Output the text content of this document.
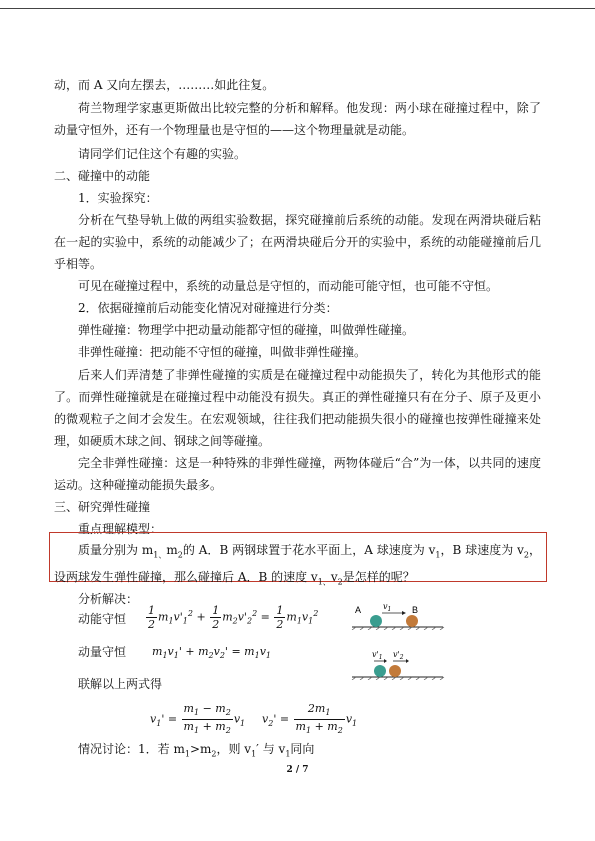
动，而 A 又向左摆去，………如此往复。

荷兰物理学家惠更斯做出比较完整的分析和解释。他发现：两小球在碰撞过程中，除了动量守恒外，还有一个物理量也是守恒的——这个物理量就是动能。

请同学们记住这个有趣的实验。

二、碰撞中的动能

1．实验探究：

分析在气垫导轨上做的两组实验数据，探究碰撞前后系统的动能。发现在两滑块碰后粘在一起的实验中，系统的动能减少了；在两滑块碰后分开的实验中，系统的动能碰撞前后几乎相等。

可见在碰撞过程中，系统的动量总是守恒的，而动能可能守恒，也可能不守恒。

2．依据碰撞前后动能变化情况对碰撞进行分类：

弹性碰撞：物理学中把动量动能都守恒的碰撞，叫做弹性碰撞。

非弹性碰撞：把动能不守恒的碰撞，叫做非弹性碰撞。

后来人们弄清楚了非弹性碰撞的实质是在碰撞过程中动能损失了，转化为其他形式的能了。而弹性碰撞就是在碰撞过程中动能没有损失。真正的弹性碰撞只有在分子、原子及更小的微观粒子之间才会发生。在宏观领域，往往我们把动能损失很小的碰撞也按弹性碰撞来处理，如硬质木球之间、钢球之间等碰撞。

完全非弹性碰撞：这是一种特殊的非弹性碰撞，两物体碰后“合”为一体，以共同的速度运动。这种碰撞动能损失最多。

三、研究弹性碰撞

重点理解模型：

质量分别为 $m_{1、}m_2$的 A．B 两钢球置于花水平面上，A 球速度为 $v_1$，B 球速度为 $v_2$，设两球发生弹性碰撞，那么碰撞后 A．B 的速度 $v_{1、}v_2$是怎样的呢？

分析解决：

动能守恒 $\frac{1}{2} m_1v'_1^2 + \frac{1}{2} m_2v'_2^2 = \frac{1}{2} m_1v_1^2$
动量守恒 $m_1v_1' + m_2v_2' = m_1v_1$

联解以上两式得

$v_1' = \frac{m_1 - m_2}{m_1 + m_2} v_1$ $v_2' = \frac{2m_1}{m_1 + m_2} v_1$

情况讨论：1．若 $m_1>m_2$，则 $v_1'$ 与 $v_1$同向

A	B
$v_1$
$v'_1$ $v'_2$
2 / 7
